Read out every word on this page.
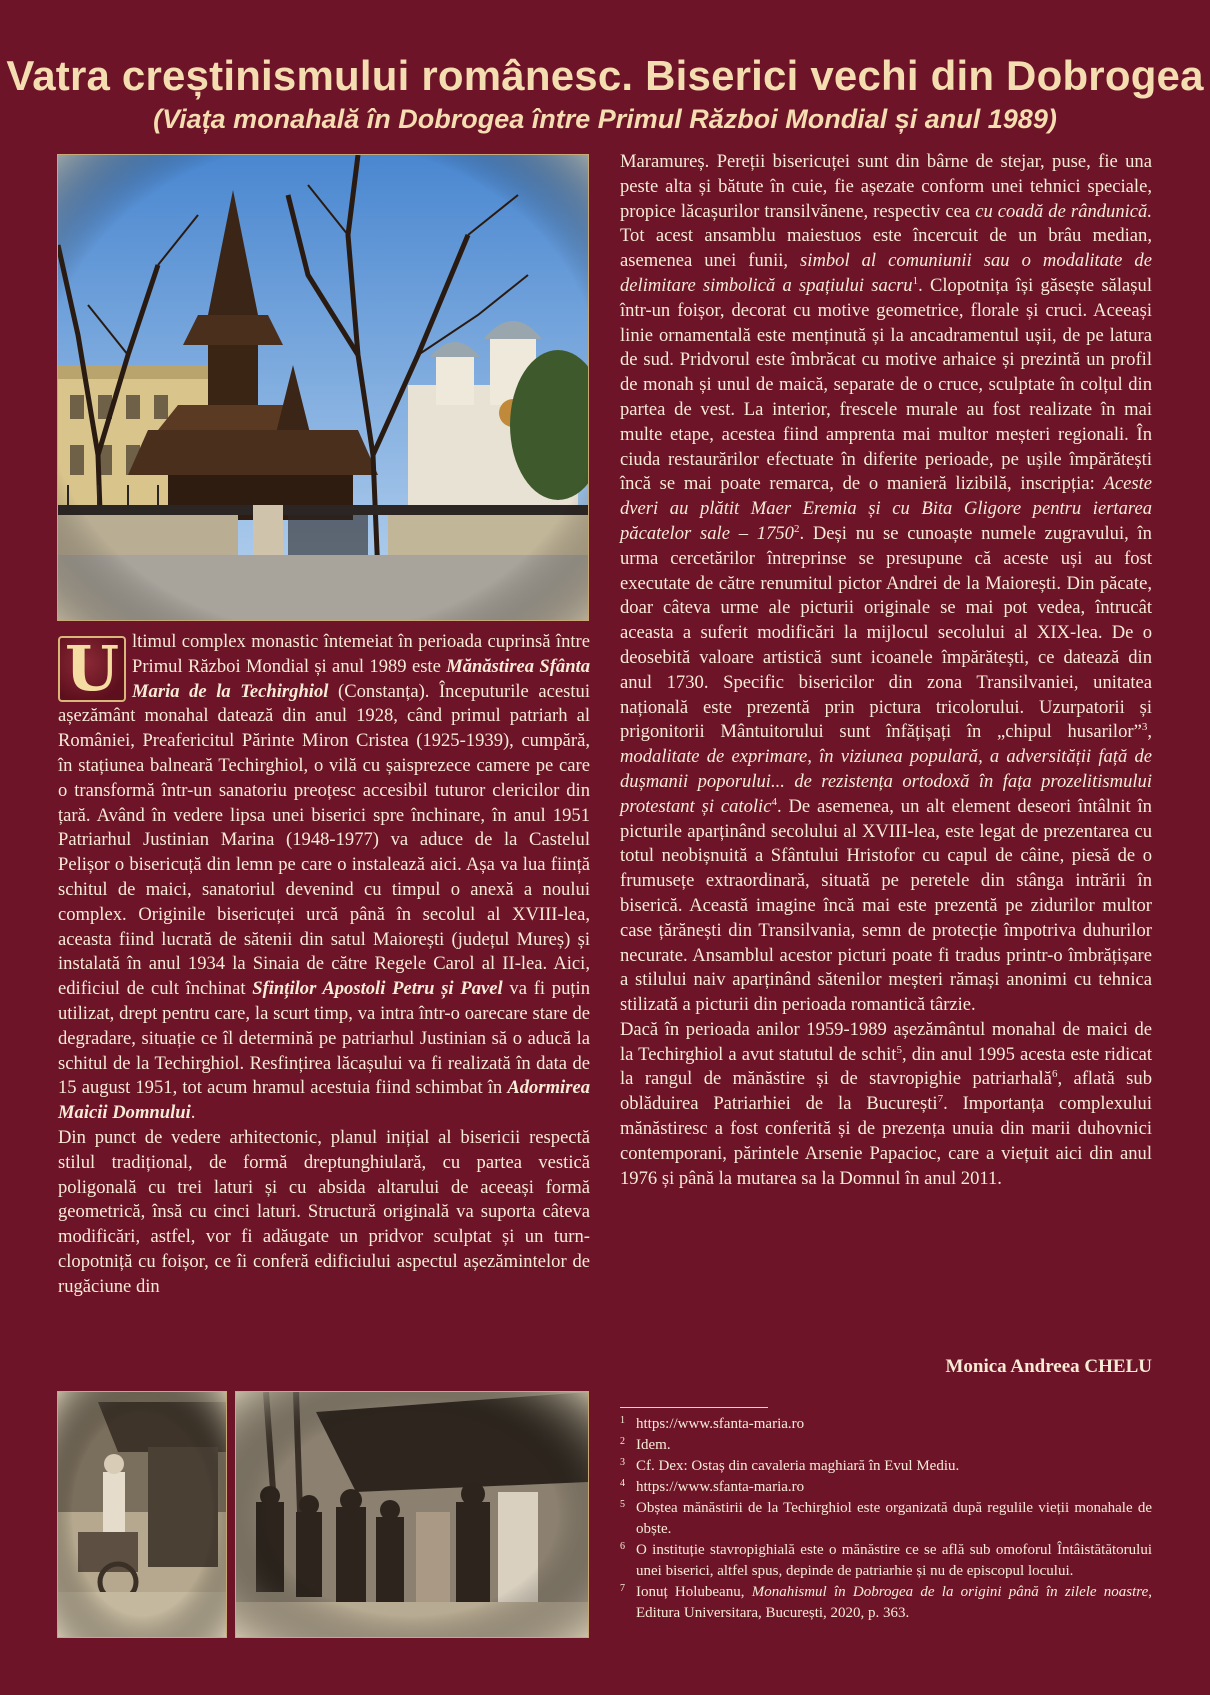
Vatra creștinismului românesc. Biserici vechi din Dobrogea
(Viața monahală în Dobrogea între Primul Război Mondial și anul 1989)

U ltimul complex monastic întemeiat în perioada cuprinsă între Primul Război Mondial și anul 1989 este Mănăstirea Sfânta Maria de la Techirghiol (Constanța). Începuturile acestui așezământ monahal datează din anul 1928, când primul patriarh al României, Preafericitul Părinte Miron Cristea (1925-1939), cumpără, în stațiunea balneară Techirghiol, o vilă cu șaisprezece camere pe care o transformă într-un sanatoriu preoțesc accesibil tuturor clericilor din țară. Având în vedere lipsa unei biserici spre închinare, în anul 1951 Patriarhul Justinian Marina (1948-1977) va aduce de la Castelul Pelișor o bisericuță din lemn pe care o instalează aici. Așa va lua ființă schitul de maici, sanatoriul devenind cu timpul o anexă a noului complex. Originile bisericuței urcă până în secolul al XVIII-lea, aceasta fiind lucrată de sătenii din satul Maiorești (județul Mureș) și instalată în anul 1934 la Sinaia de către Regele Carol al II-lea. Aici, edificiul de cult închinat Sfinților Apostoli Petru și Pavel va fi puțin utilizat, drept pentru care, la scurt timp, va intra într-o oarecare stare de degradare, situație ce îl determină pe patriarhul Justinian să o aducă la schitul de la Techirghiol. Resfințirea lăcașului va fi realizată în data de 15 august 1951, tot acum hramul acestuia fiind schimbat în Adormirea Maicii Domnului.

Din punct de vedere arhitectonic, planul inițial al bisericii respectă stilul tradițional, de formă dreptunghiulară, cu partea vestică poligonală cu trei laturi și cu absida altarului de aceeași formă geometrică, însă cu cinci laturi. Structură originală va suporta câteva modificări, astfel, vor fi adăugate un pridvor sculptat și un turn-clopotniță cu foișor, ce îi conferă edificiului aspectul așezămintelor de rugăciune din

Maramureș. Pereții bisericuței sunt din bârne de stejar, puse, fie una peste alta și bătute în cuie, fie așezate conform unei tehnici speciale, propice lăcașurilor transilvănene, respectiv cea cu coadă de rândunică. Tot acest ansamblu maiestuos este încercuit de un brâu median, asemenea unei funii, simbol al comuniunii sau o modalitate de delimitare simbolică a spațiului sacru$^1$. Clopotnița își găsește sălașul într-un foișor, decorat cu motive geometrice, florale și cruci. Aceeași linie ornamentală este menținută și la ancadramentul ușii, de pe latura de sud. Pridvorul este îmbrăcat cu motive arhaice și prezintă un profil de monah și unul de maică, separate de o cruce, sculptate în colțul din partea de vest. La interior, frescele murale au fost realizate în mai multe etape, acestea fiind amprenta mai multor meșteri regionali. În ciuda restaurărilor efectuate în diferite perioade, pe ușile împărătești încă se mai poate remarca, de o manieră lizibilă, inscripția: Aceste dveri au plătit Maer Eremia și cu Bita Gligore pentru iertarea păcatelor sale – 1750$^2$. Deși nu se cunoaște numele zugravului, în urma cercetărilor întreprinse se presupune că aceste uși au fost executate de către renumitul pictor Andrei de la Maiorești. Din păcate, doar câteva urme ale picturii originale se mai pot vedea, întrucât aceasta a suferit modificări la mijlocul secolului al XIX-lea. De o deosebită valoare artistică sunt icoanele împărătești, ce datează din anul 1730. Specific bisericilor din zona Transilvaniei, unitatea națională este prezentă prin pictura tricolorului. Uzurpatorii și prigonitorii Mântuitorului sunt înfățișați în „chipul husarilor”$^3$, modalitate de exprimare, în viziunea populară, a adversității față de dușmanii poporului... de rezistența ortodoxă în fața prozelitismului protestant și catolic$^4$. De asemenea, un alt element deseori întâlnit în picturile aparținând secolului al XVIII-lea, este legat de prezentarea cu totul neobișnuită a Sfântului Hristofor cu capul de câine, piesă de o frumusețe extraordinară, situată pe peretele din stânga intrării în biserică. Această imagine încă mai este prezentă pe zidurilor multor case țărănești din Transilvania, semn de protecție împotriva duhurilor necurate. Ansamblul acestor picturi poate fi tradus printr-o îmbrățișare a stilului naiv aparținând sătenilor meșteri rămași anonimi cu tehnica stilizată a picturii din perioada romantică târzie.

Dacă în perioada anilor 1959-1989 așezământul monahal de maici de la Techirghiol a avut statutul de schit$^5$, din anul 1995 acesta este ridicat la rangul de mănăstire și de stavropighie patriarhală$^6$, aflată sub oblăduirea Patriarhiei de la București$^7$. Importanța complexului mănăstiresc a fost conferită și de prezența unuia din marii duhovnici contemporani, părintele Arsenie Papacioc, care a viețuit aici din anul 1976 și până la mutarea sa la Domnul în anul 2011.

Monica Andreea CHELU
1 https://www.sfanta-maria.ro
2 Idem.
3 Cf. Dex: Ostaș din cavaleria maghiară în Evul Mediu.
4 https://www.sfanta-maria.ro
5 Obștea mănăstirii de la Techirghiol este organizată după regulile vieții monahale de obște.
6 O instituție stavropighială este o mănăstire ce se află sub omoforul Întâistătătorului unei biserici, altfel spus, depinde de patriarhie și nu de episcopul locului.
7 Ionuț Holubeanu, Monahismul în Dobrogea de la origini până în zilele noastre, Editura Universitara, București, 2020, p. 363.
